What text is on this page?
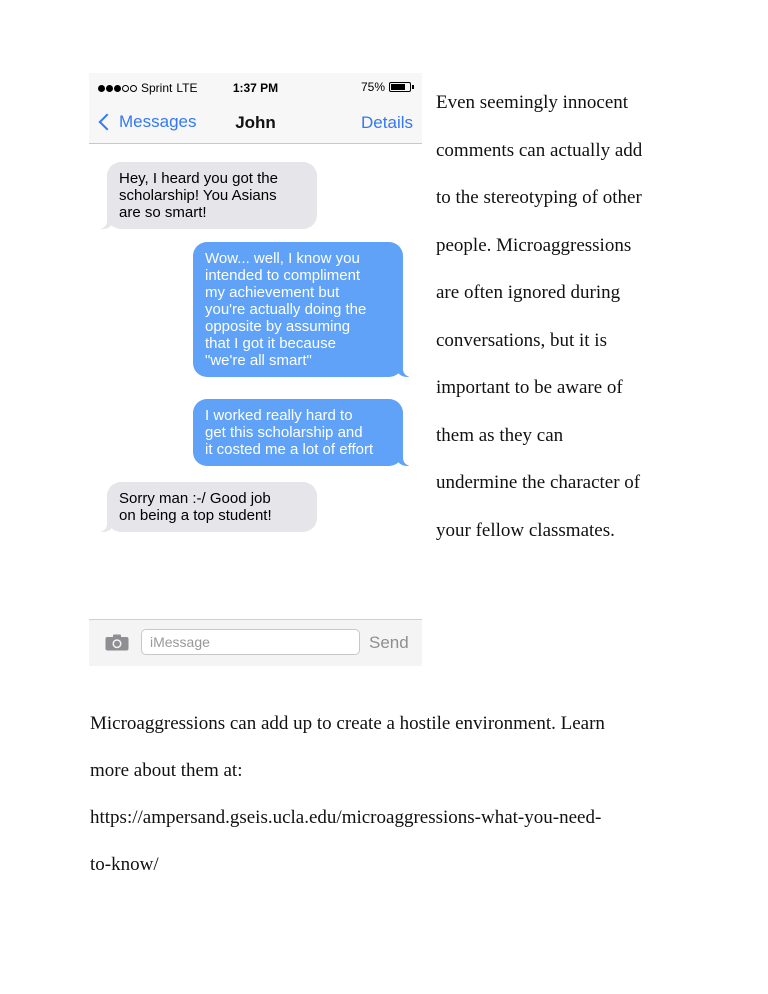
Sprint LTE	1:37 PM	75%
Messages	John	Details
Hey, I heard you got the
scholarship! You Asians
are so smart!
Wow... well, I know you
intended to compliment
my achievement but
you're actually doing the
opposite by assuming
that I got it because
"we're all smart"
I worked really hard to
get this scholarship and
it costed me a lot of effort
Sorry man :-/ Good job
on being a top student!
iMessage	Send

Even seemingly innocent
comments can actually add
to the stereotyping of other
people. Microaggressions
are often ignored during
conversations, but it is
important to be aware of
them as they can
undermine the character of
your fellow classmates.

Microaggressions can add up to create a hostile environment. Learn
more about them at:
https://ampersand.gseis.ucla.edu/microaggressions-what-you-need-
to-know/
